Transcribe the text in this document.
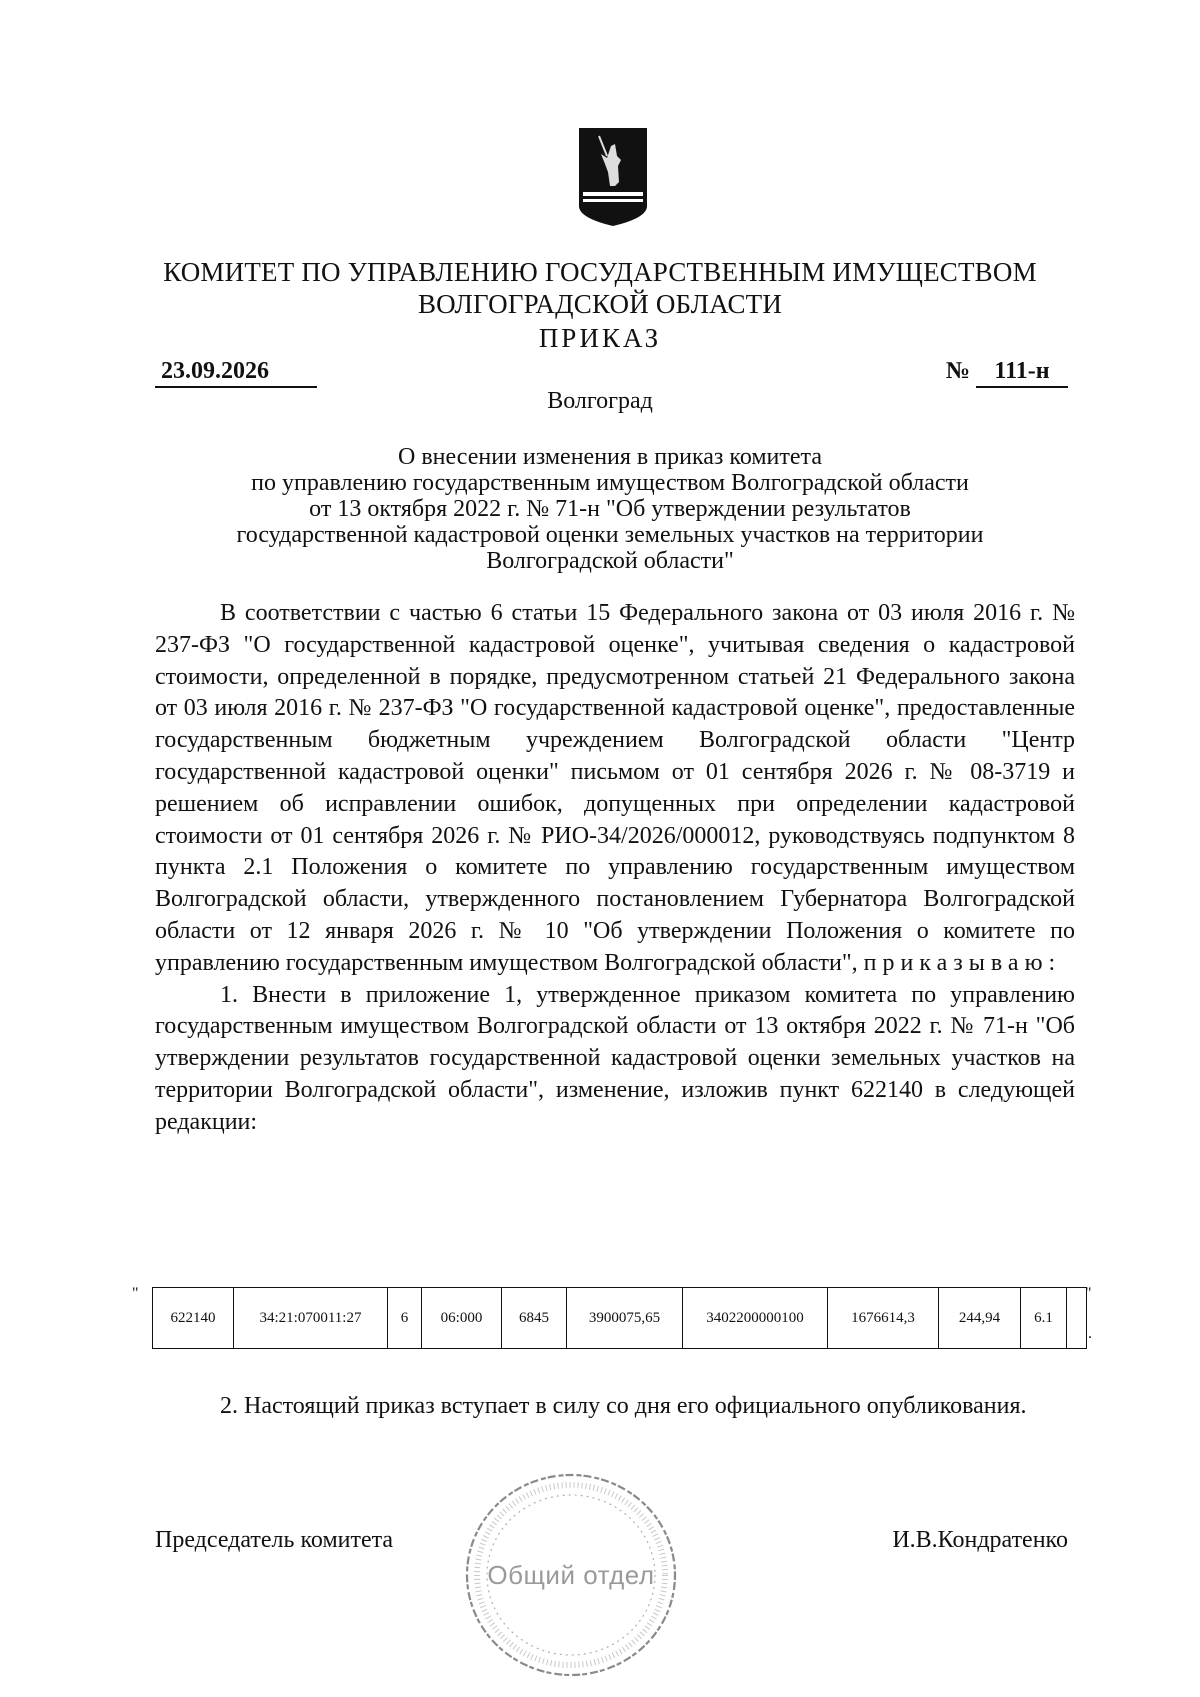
КОМИТЕТ ПО УПРАВЛЕНИЮ ГОСУДАРСТВЕННЫМ ИМУЩЕСТВОМ
ВОЛГОГРАДСКОЙ ОБЛАСТИ
ПРИКАЗ
23.09.2026	№ 111-н
Волгоград
О внесении изменения в приказ комитета
по управлению государственным имуществом Волгоградской области
от 13 октября 2022 г. № 71-н "Об утверждении результатов
государственной кадастровой оценки земельных участков на территории
Волгоградской области"

В соответствии с частью 6 статьи 15 Федерального закона от 03 июля 2016 г. № 237-ФЗ "О государственной кадастровой оценке", учитывая сведения о кадастровой стоимости, определенной в порядке, предусмотренном статьей 21 Федерального закона от 03 июля 2016 г. № 237-ФЗ "О государственной кадастровой оценке", предоставленные государственным бюджетным учреждением Волгоградской области "Центр государственной кадастровой оценки" письмом от 01 сентября 2026 г. № 08-3719 и решением об исправлении ошибок, допущенных при определении кадастровой стоимости от 01 сентября 2026 г. № РИО-34/2026/000012, руководствуясь подпунктом 8 пункта 2.1 Положения о комитете по управлению государственным имуществом Волгоградской области, утвержденного постановлением Губернатора Волгоградской области от 12 января 2026 г. № 10 "Об утверждении Положения о комитете по управлению государственным имуществом Волгоградской области", приказываю:

1. Внести в приложение 1, утвержденное приказом комитета по управлению государственным имуществом Волгоградской области от 13 октября 2022 г. № 71-н "Об утверждении результатов государственной кадастровой оценки земельных участков на территории Волгоградской области", изменение, изложив пункт 622140 в следующей редакции:

"
622140	34:21:070011:27	6	06:000	6845	3900075,65	3402200000100	1676614,3	244,94	6.1	
"
.

2. Настоящий приказ вступает в силу со дня его официального опубликования.

Председатель комитета	И.В.Кондратенко
Общий отдел
